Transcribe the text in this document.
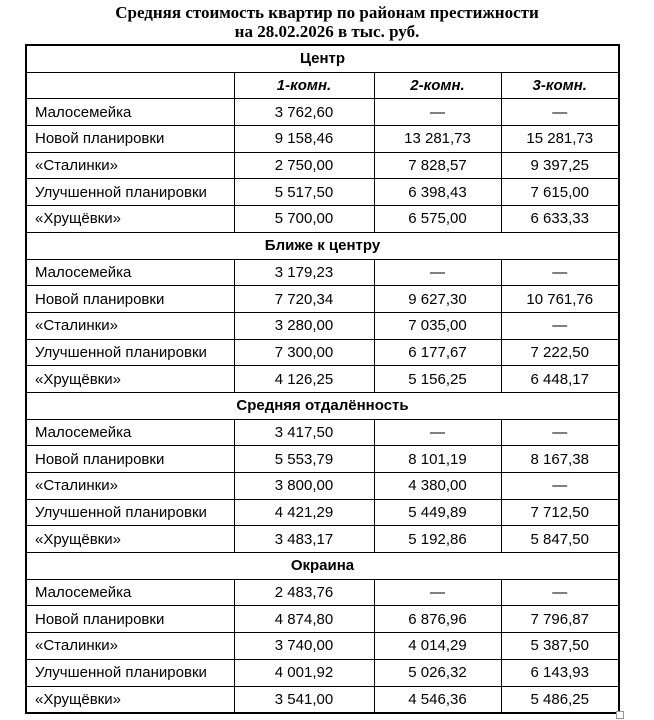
Средняя стоимость квартир по районам престижности
на 28.02.2026 в тыс. руб.
Центр			
	1-комн.	2-комн.	3-комн.
Малосемейка	3 762,60	—	—
Новой планировки	9 158,46	13 281,73	15 281,73
«Сталинки»	2 750,00	7 828,57	9 397,25
Улучшенной планировки	5 517,50	6 398,43	7 615,00
«Хрущёвки»	5 700,00	6 575,00	6 633,33
Ближе к центру			
Малосемейка	3 179,23	—	—
Новой планировки	7 720,34	9 627,30	10 761,76
«Сталинки»	3 280,00	7 035,00	—
Улучшенной планировки	7 300,00	6 177,67	7 222,50
«Хрущёвки»	4 126,25	5 156,25	6 448,17
Средняя отдалённость			
Малосемейка	3 417,50	—	—
Новой планировки	5 553,79	8 101,19	8 167,38
«Сталинки»	3 800,00	4 380,00	—
Улучшенной планировки	4 421,29	5 449,89	7 712,50
«Хрущёвки»	3 483,17	5 192,86	5 847,50
Окраина			
Малосемейка	2 483,76	—	—
Новой планировки	4 874,80	6 876,96	7 796,87
«Сталинки»	3 740,00	4 014,29	5 387,50
Улучшенной планировки	4 001,92	5 026,32	6 143,93
«Хрущёвки»	3 541,00	4 546,36	5 486,25
